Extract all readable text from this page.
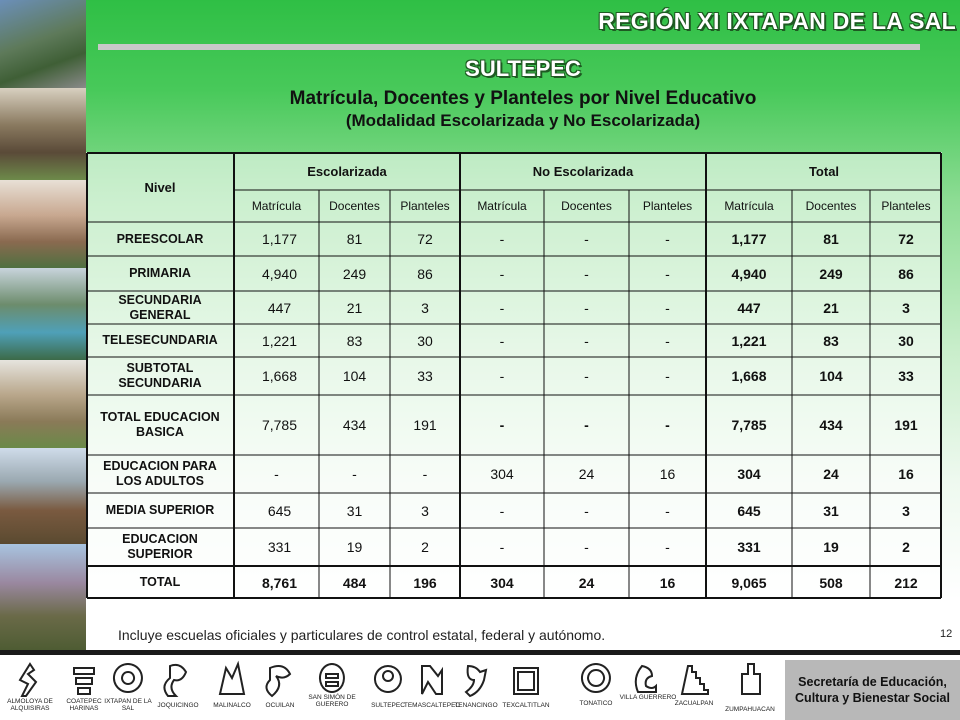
REGIÓN XI IXTAPAN DE LA SAL
SULTEPEC
Matrícula, Docentes y Planteles por Nivel Educativo
(Modalidad Escolarizada y No Escolarizada)
Nivel
Escolarizada	No Escolarizada	Total
Matrícula	Docentes	Planteles	Matrícula	Docentes	Planteles	Matrícula	Docentes	Planteles
PREESCOLAR	1,177	81	72	-	-	-	1,177	81	72
PRIMARIA	4,940	249	86	-	-	-	4,940	249	86
SECUNDARIA GENERAL	447	21	3	-	-	-	447	21	3
TELESECUNDARIA	1,221	83	30	-	-	-	1,221	83	30
SUBTOTAL SECUNDARIA	1,668	104	33	-	-	-	1,668	104	33
TOTAL EDUCACION BASICA	7,785	434	191	-	-	-	7,785	434	191
EDUCACION PARA LOS ADULTOS	-	-	-	304	24	16	304	24	16
MEDIA SUPERIOR	645	31	3	-	-	-	645	31	3
EDUCACION SUPERIOR	331	19	2	-	-	-	331	19	2
TOTAL	8,761	484	196	304	24	16	9,065	508	212
Incluye escuelas oficiales y particulares de control estatal, federal y autónomo.	12
Secretaría de Educación,
Cultura y Bienestar Social
ALMOLOYA DE ALQUISIRAS
COATEPEC HARINAS
IXTAPAN DE LA SAL	JOQUICINGO	MALINALCO	OCUILAN
SAN SIMÓN DE GUERERO	SULTEPEC
TEMASCALTEPEC
TENANCINGO TEXCALTITLAN	TONATICO
VILLA GUERRERO
ZACUALPAN
ZUMPAHUACAN
